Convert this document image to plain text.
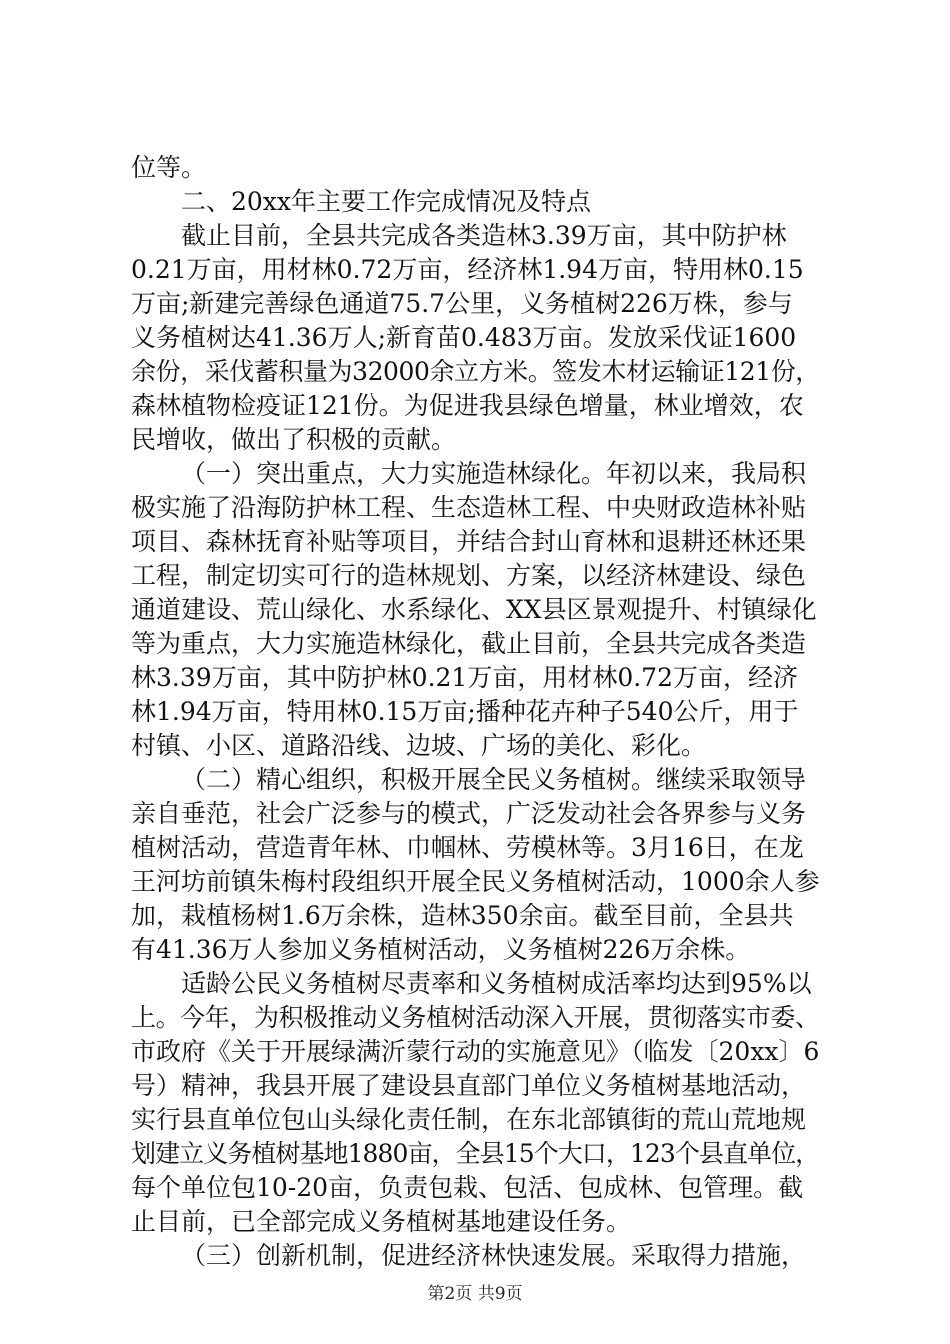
位等。
二、20xx年主要工作完成情况及特点
截止目前，全县共完成各类造林3.39万亩，其中防护林
0.21万亩，用材林0.72万亩，经济林1.94万亩，特用林0.15
万亩;新建完善绿色通道75.7公里，义务植树226万株，参与
义务植树达41.36万人;新育苗0.483万亩。发放采伐证1600
余份，采伐蓄积量为32000余立方米。签发木材运输证121份，
森林植物检疫证121份。为促进我县绿色增量，林业增效，农
民增收，做出了积极的贡献。
（一）突出重点，大力实施造林绿化。年初以来，我局积
极实施了沿海防护林工程、生态造林工程、中央财政造林补贴
项目、森林抚育补贴等项目，并结合封山育林和退耕还林还果
工程，制定切实可行的造林规划、方案，以经济林建设、绿色
通道建设、荒山绿化、水系绿化、XX县区景观提升、村镇绿化
等为重点，大力实施造林绿化，截止目前，全县共完成各类造
林3.39万亩，其中防护林0.21万亩，用材林0.72万亩，经济
林1.94万亩，特用林0.15万亩;播种花卉种子540公斤，用于
村镇、小区、道路沿线、边坡、广场的美化、彩化。
（二）精心组织，积极开展全民义务植树。继续采取领导
亲自垂范，社会广泛参与的模式，广泛发动社会各界参与义务
植树活动，营造青年林、巾帼林、劳模林等。3月16日，在龙
王河坊前镇朱梅村段组织开展全民义务植树活动，1000余人参
加，栽植杨树1.6万余株，造林350余亩。截至目前，全县共
有41.36万人参加义务植树活动，义务植树226万余株。
适龄公民义务植树尽责率和义务植树成活率均达到95%以
上。今年，为积极推动义务植树活动深入开展，贯彻落实市委、
市政府《关于开展绿满沂蒙行动的实施意见》（临发〔20xx〕6
号）精神，我县开展了建设县直部门单位义务植树基地活动，
实行县直单位包山头绿化责任制，在东北部镇街的荒山荒地规
划建立义务植树基地1880亩，全县15个大口，123个县直单位，
每个单位包10-20亩，负责包栽、包活、包成林、包管理。截
止目前，已全部完成义务植树基地建设任务。
（三）创新机制，促进经济林快速发展。采取得力措施，
第2页 共9页
